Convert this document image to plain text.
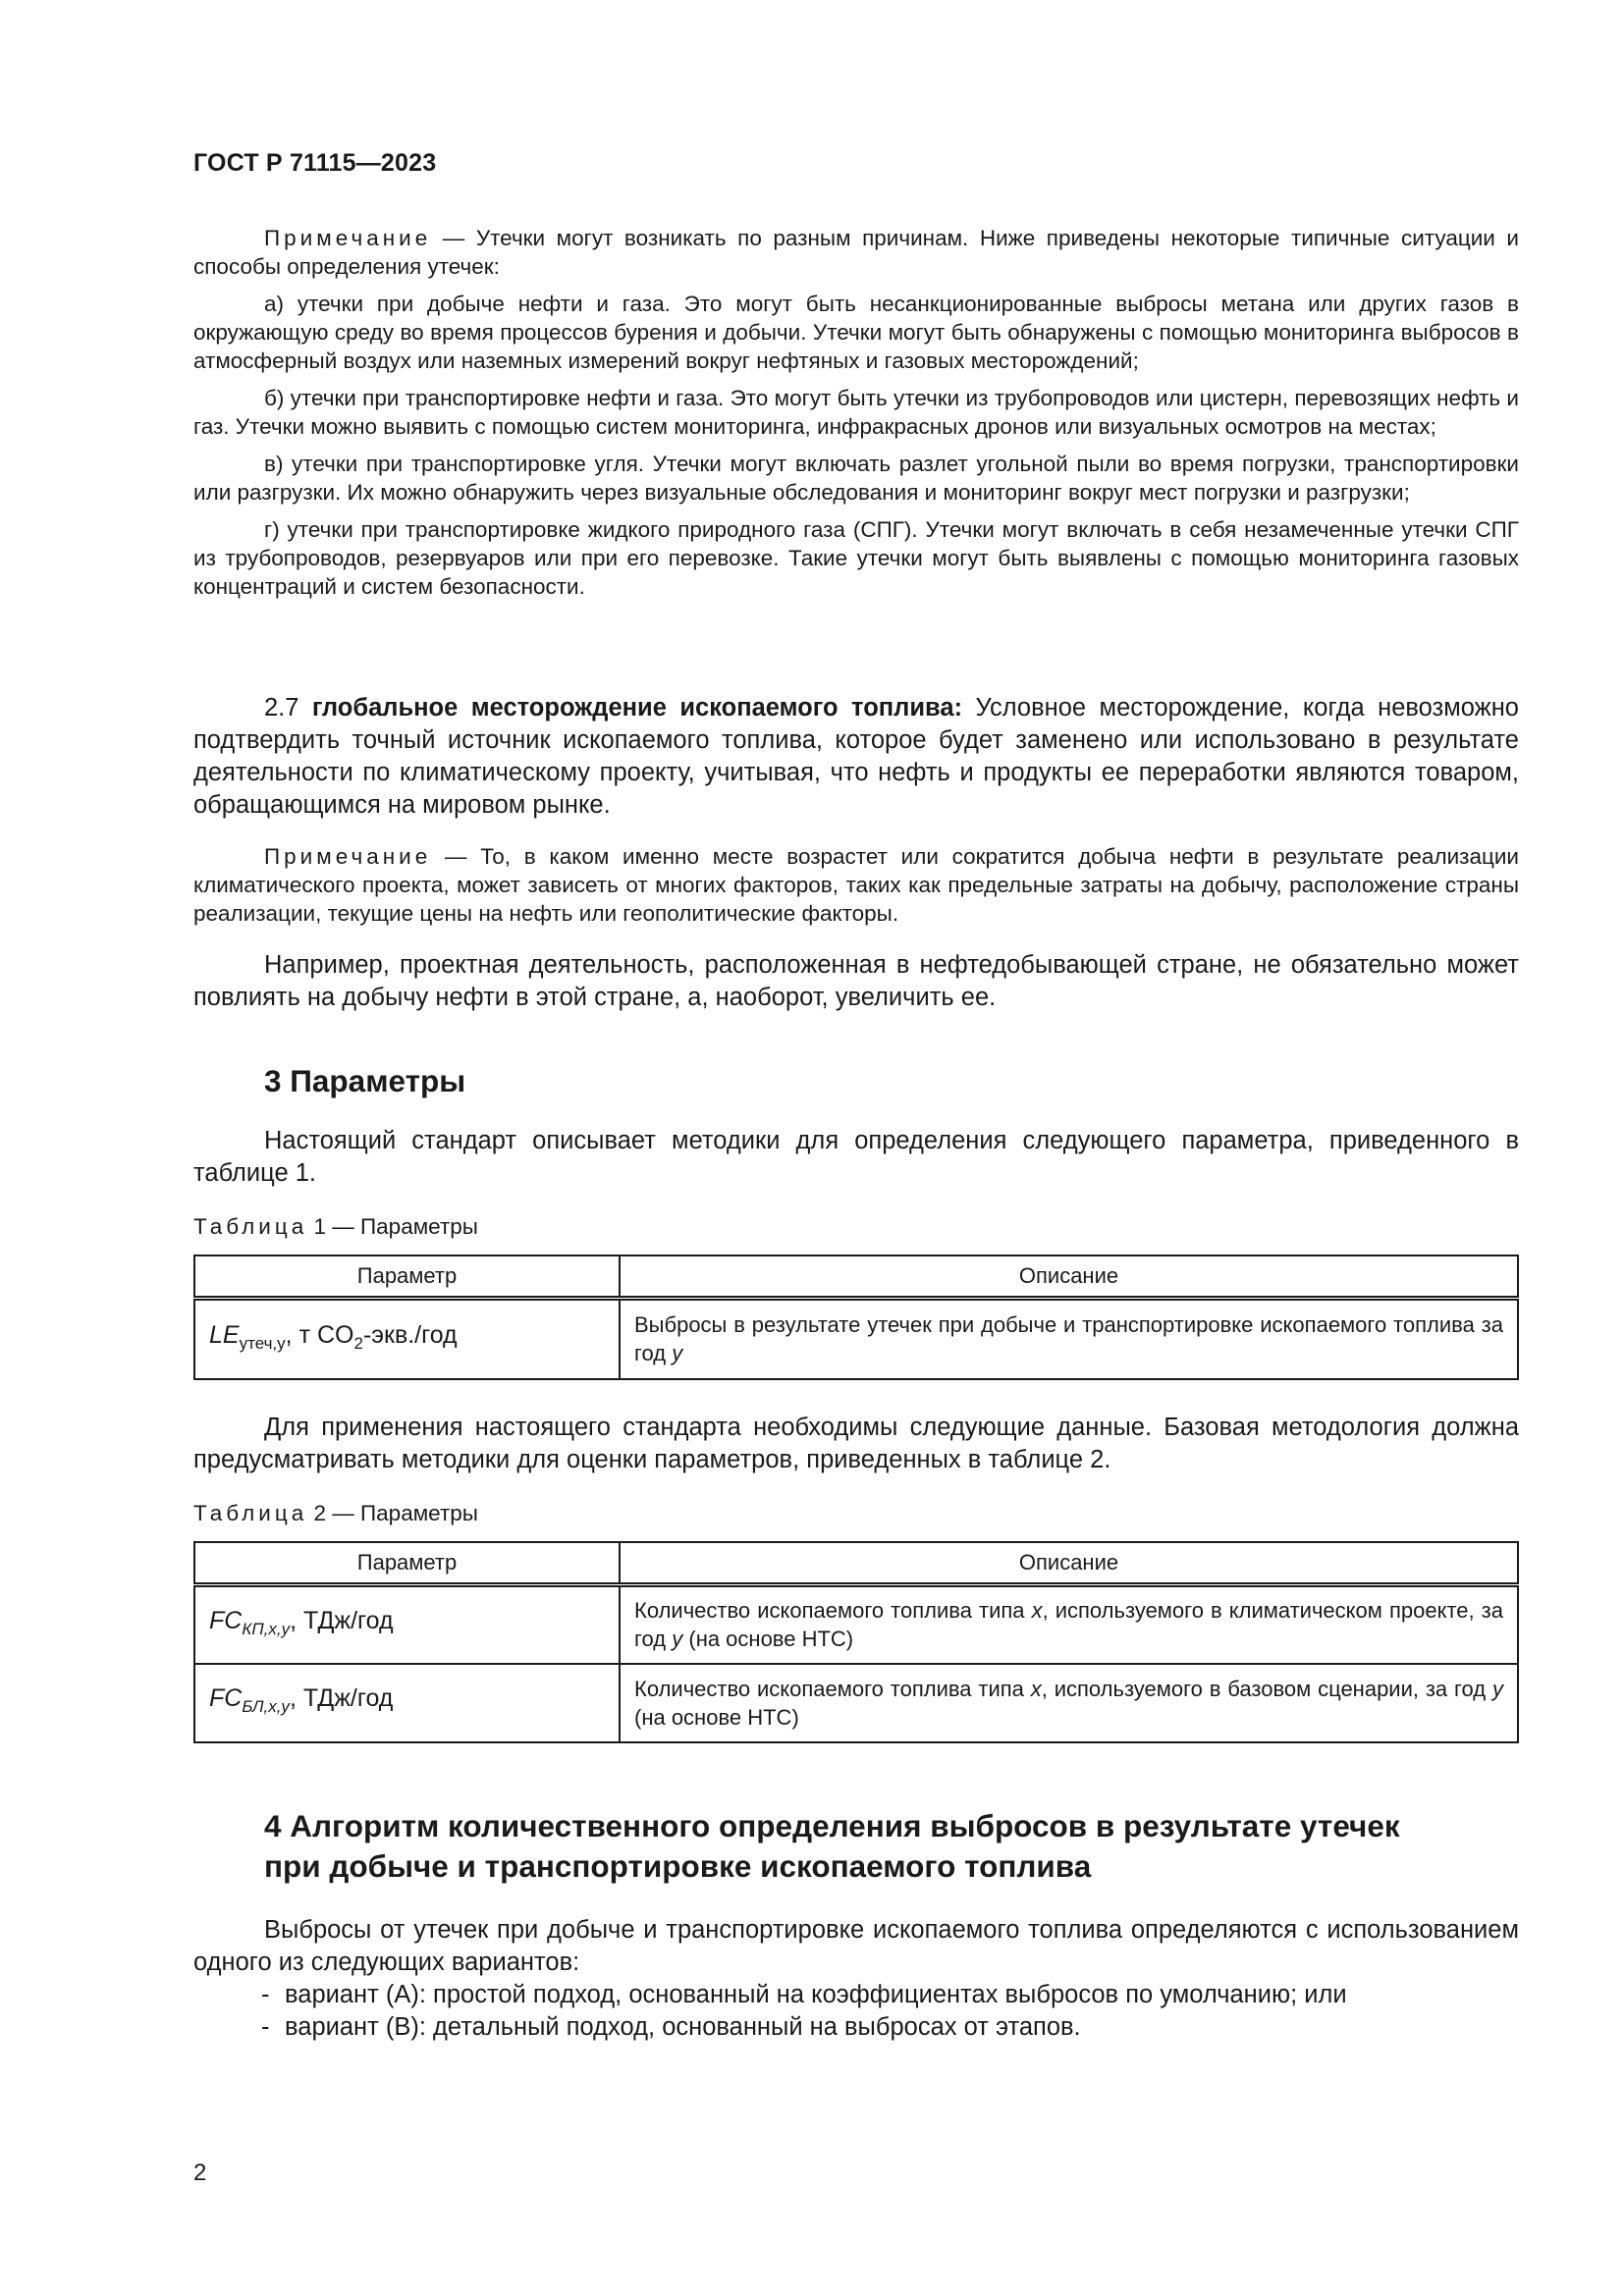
ГОСТ Р 71115—2023

Примечание — Утечки могут возникать по разным причинам. Ниже приведены некоторые типичные ситуации и способы определения утечек:

а) утечки при добыче нефти и газа. Это могут быть несанкционированные выбросы метана или других газов в окружающую среду во время процессов бурения и добычи. Утечки могут быть обнаружены с помощью мониторинга выбросов в атмосферный воздух или наземных измерений вокруг нефтяных и газовых месторождений;

б) утечки при транспортировке нефти и газа. Это могут быть утечки из трубопроводов или цистерн, перевозящих нефть и газ. Утечки можно выявить с помощью систем мониторинга, инфракрасных дронов или визуальных осмотров на местах;

в) утечки при транспортировке угля. Утечки могут включать разлет угольной пыли во время погрузки, транспортировки или разгрузки. Их можно обнаружить через визуальные обследования и мониторинг вокруг мест погрузки и разгрузки;

г) утечки при транспортировке жидкого природного газа (СПГ). Утечки могут включать в себя незамеченные утечки СПГ из трубопроводов, резервуаров или при его перевозке. Такие утечки могут быть выявлены с помощью мониторинга газовых концентраций и систем безопасности.

2.7 глобальное месторождение ископаемого топлива: Условное месторождение, когда невозможно подтвердить точный источник ископаемого топлива, которое будет заменено или использовано в результате деятельности по климатическому проекту, учитывая, что нефть и продукты ее переработки являются товаром, обращающимся на мировом рынке.

Примечание — То, в каком именно месте возрастет или сократится добыча нефти в результате реализации климатического проекта, может зависеть от многих факторов, таких как предельные затраты на добычу, расположение страны реализации, текущие цены на нефть или геополитические факторы.

Например, проектная деятельность, расположенная в нефтедобывающей стране, не обязательно может повлиять на добычу нефти в этой стране, а, наоборот, увеличить ее.

3 Параметры

Настоящий стандарт описывает методики для определения следующего параметра, приведенного в таблице 1.

Таблица 1 — Параметры
Параметр	Описание
$LE_{утеч,y}$, т $CO_2-экв$./год	Выбросы в результате утечек при добыче и транспортировке ископаемого топлива за год y

Для применения настоящего стандарта необходимы следующие данные. Базовая методология должна предусматривать методики для оценки параметров, приведенных в таблице 2.

Таблица 2 — Параметры
Параметр	Описание
$FC_{КП,x,y}$, ТДж/год	Количество ископаемого топлива типа x, используемого в климатическом проекте, за год y (на основе НТС)
$FC_{БЛ,x,y}$, ТДж/год	Количество ископаемого топлива типа x, используемого в базовом сценарии, за год y (на основе НТС)
4 Алгоритм количественного определения выбросов в результате утечек
при добыче и транспортировке ископаемого топлива

Выбросы от утечек при добыче и транспортировке ископаемого топлива определяются с использованием одного из следующих вариантов:

- вариант (A): простой подход, основанный на коэффициентах выбросов по умолчанию; или
- вариант (B): детальный подход, основанный на выбросах от этапов.
2
